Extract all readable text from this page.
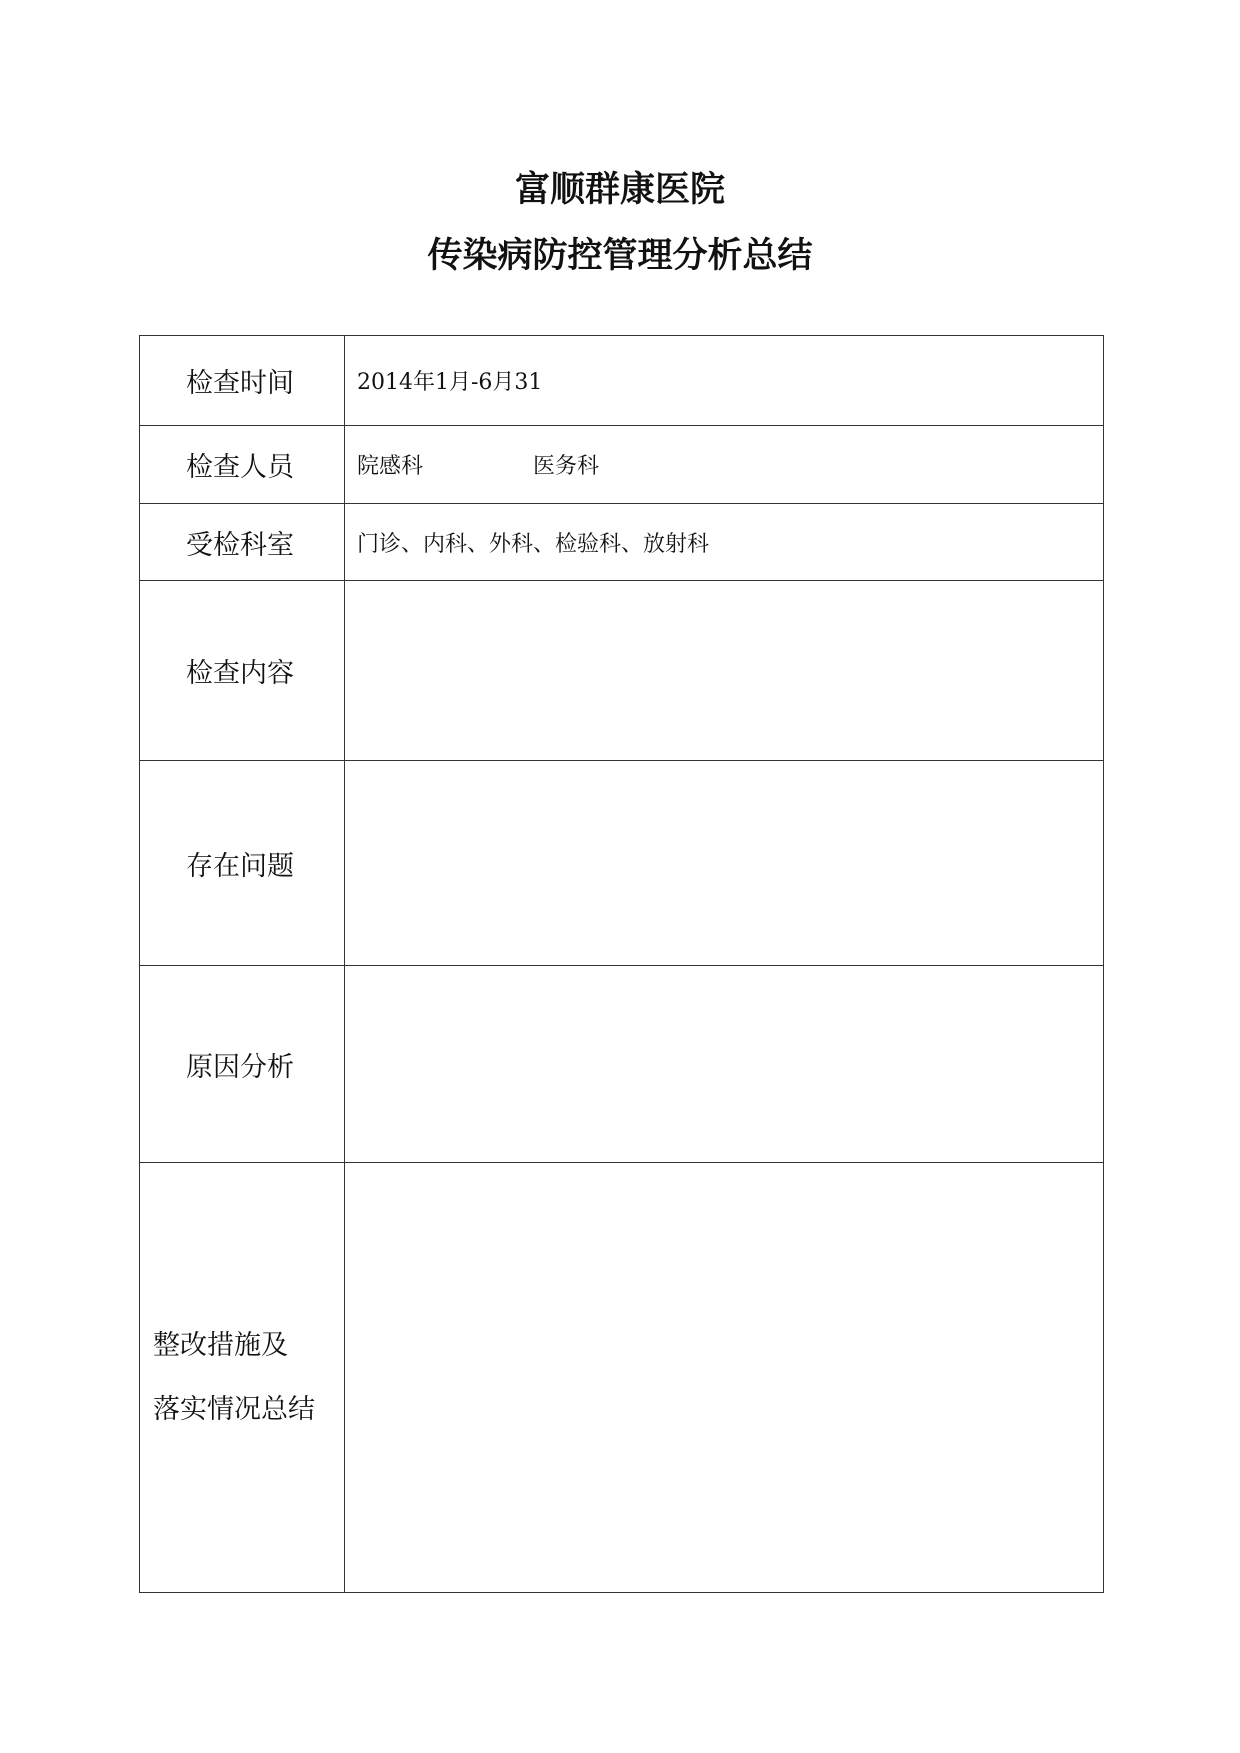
富顺群康医院
传染病防控管理分析总结
检查时间	2014年1月-6月31
检查人员	院感科 医务科
受检科室	门诊、内科、外科、检验科、放射科
检查内容	
存在问题	
原因分析	

整改措施及
落实情况总结	
